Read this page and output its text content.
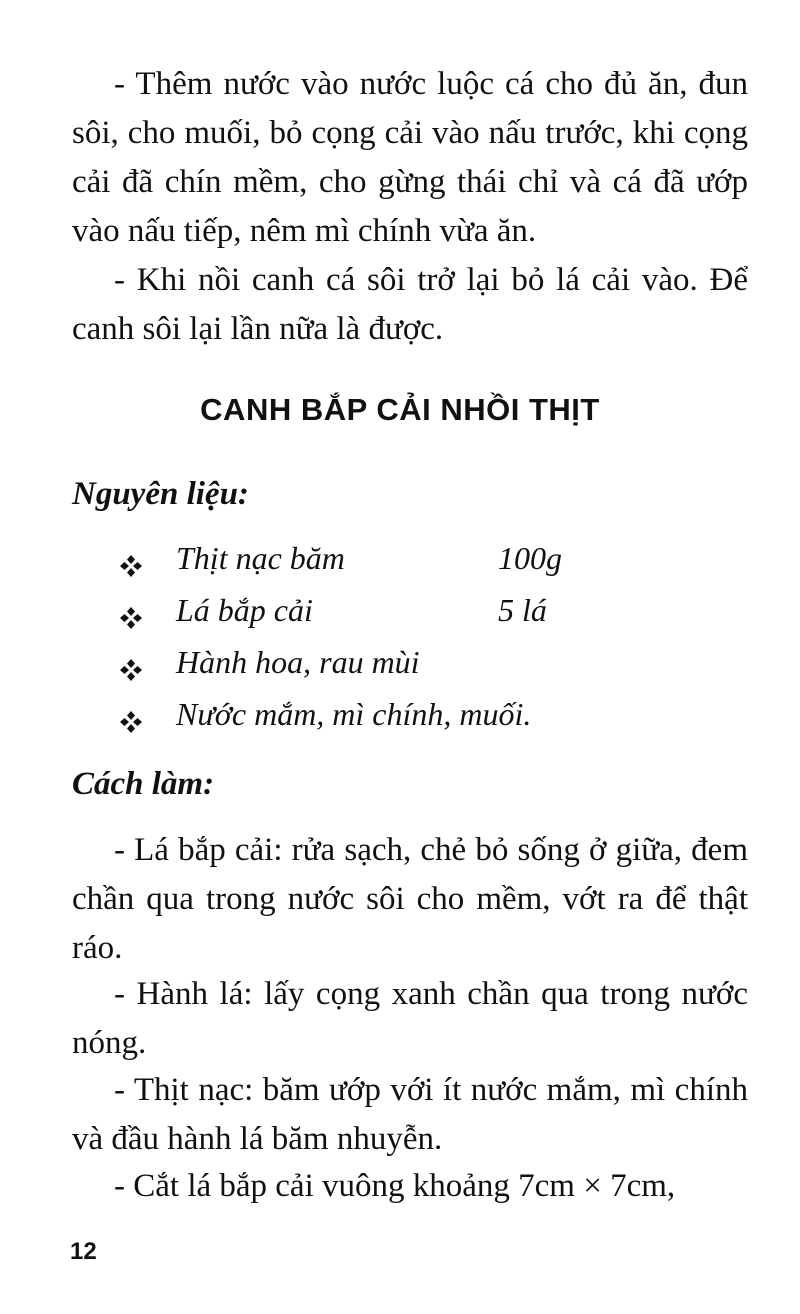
- Thêm nước vào nước luộc cá cho đủ ăn, đun sôi, cho muối, bỏ cọng cải vào nấu trước, khi cọng cải đã chín mềm, cho gừng thái chỉ và cá đã ướp vào nấu tiếp, nêm mì chính vừa ăn.

- Khi nồi canh cá sôi trở lại bỏ lá cải vào. Để canh sôi lại lần nữa là được.

CANH BẮP CẢI NHỒI THỊT
Nguyên liệu:
Thịt nạc băm	100g
Lá bắp cải	5 lá
Hành hoa, rau mùi
Nước mắm, mì chính, muối.
Cách làm:

- Lá bắp cải: rửa sạch, chẻ bỏ sống ở giữa, đem chần qua trong nước sôi cho mềm, vớt ra để thật ráo.

- Hành lá: lấy cọng xanh chần qua trong nước nóng.

- Thịt nạc: băm ướp với ít nước mắm, mì chính và đầu hành lá băm nhuyễn.

- Cắt lá bắp cải vuông khoảng 7cm × 7cm,

12
